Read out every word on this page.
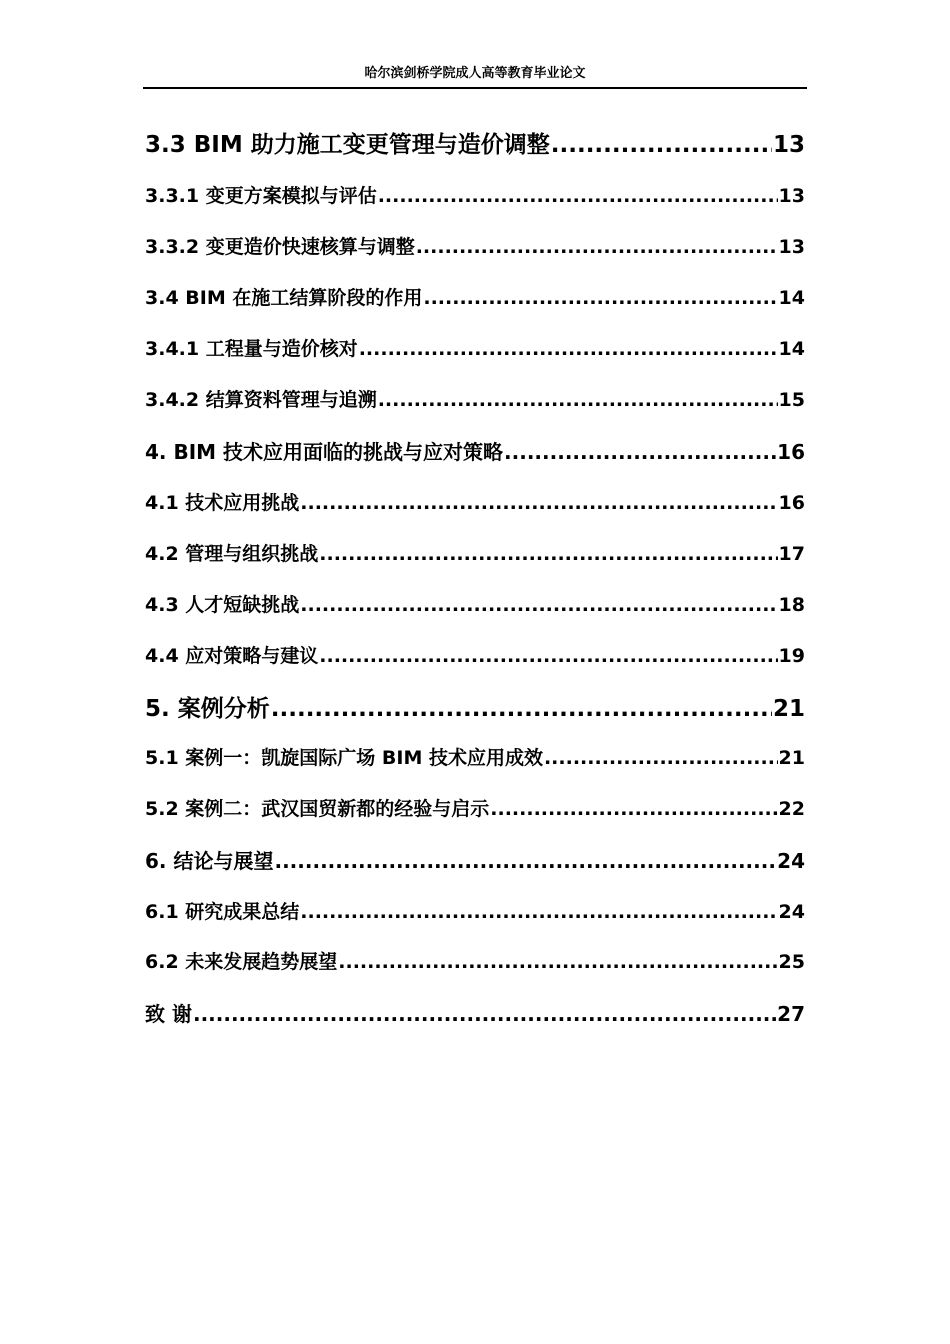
哈尔滨剑桥学院成人高等教育毕业论文
3.3 BIM 助力施工变更管理与造价调整 .....	13
3.3.1 变更方案模拟与评估 .....	13
3.3.2 变更造价快速核算与调整 .....	13
3.4 BIM 在施工结算阶段的作用 .....	14
3.4.1 工程量与造价核对 .....	14
3.4.2 结算资料管理与追溯 .....	15
4. BIM 技术应用面临的挑战与应对策略 .....	16
4.1 技术应用挑战 .....	16
4.2 管理与组织挑战 .....	17
4.3 人才短缺挑战 .....	18
4.4 应对策略与建议 .....	19
5. 案例分析 .....	21
5.1 案例一：凯旋国际广场 BIM 技术应用成效 .....	21
5.2 案例二：武汉国贸新都的经验与启示 .....	22
6. 结论与展望 .....	24
6.1 研究成果总结 .....	24
6.2 未来发展趋势展望 .....	25
致 谢 .....	27
